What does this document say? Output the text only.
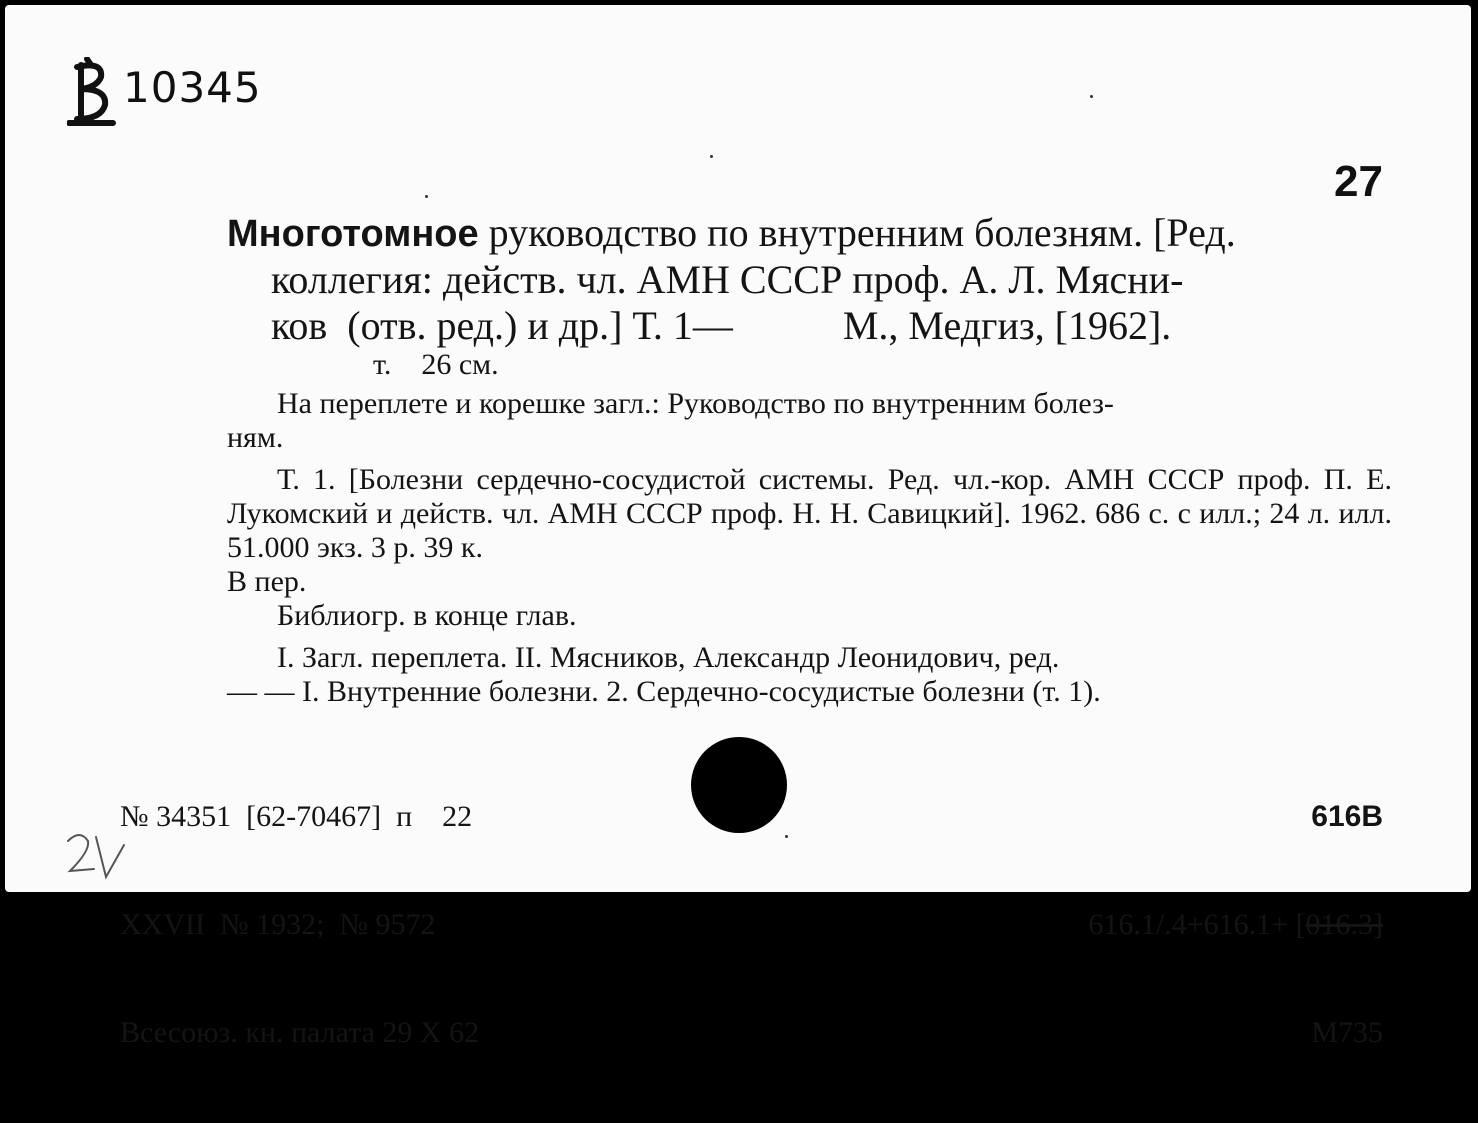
10345
27
Многотомное руководство по внутренним болезням. [Ред.
коллегия: действ. чл. АМН СССР проф. А. Л. Мясни-
ков  (отв. ред.) и др.] Т. 1—           М., Медгиз, [1962].
т.    26 см.

На переплете и корешке загл.: Руководство по внутренним болез-

ням.

Т. 1. [Болезни сердечно-сосудистой системы. Ред. чл.-кор. АМН СССР проф. П. Е. Лукомский и действ. чл. АМН СССР проф. Н. Н. Савицкий]. 1962. 686 с. с илл.; 24 л. илл. 51.000 экз. 3 р. 39 к.

В пер.

Библиогр. в конце глав.

I. Загл. переплета. II. Мясников, Александр Леонидович, ред.

— — I. Внутренние болезни. 2. Сердечно-сосудистые болезни (т. 1).

№ 34351  [62-70467]  п    22

XXVII  № 1932;  № 9572

Всесоюз. кн. палата 29 X 62

616В

616.1/.4+616.1+ [016.3]

М735
